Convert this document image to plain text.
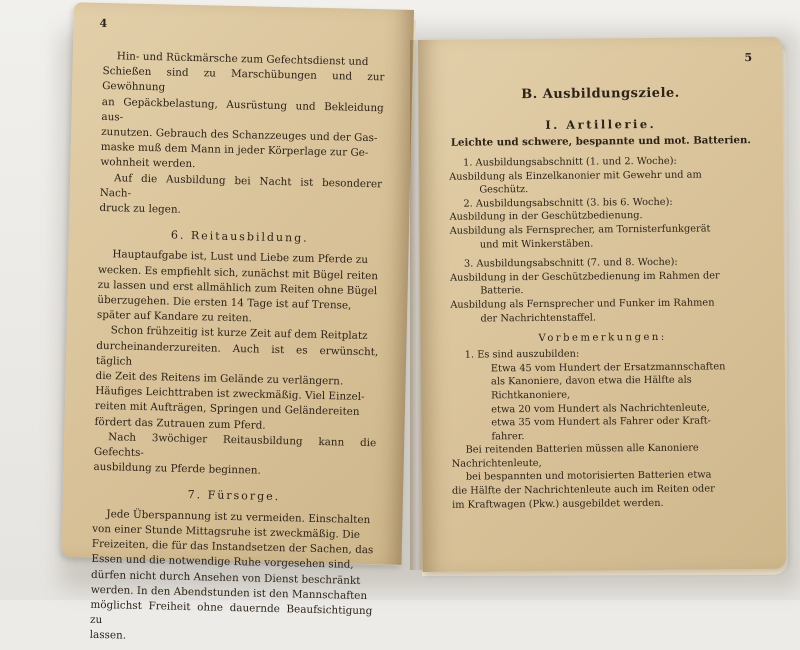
4
Hin- und Rückmärsche zum Gefechtsdienst und
Schießen sind zu Marschübungen und zur Gewöhnung
an Gepäckbelastung, Ausrüstung und Bekleidung aus-
zunutzen. Gebrauch des Schanzzeuges und der Gas-
maske muß dem Mann in jeder Körperlage zur Ge-
wohnheit werden.
Auf die Ausbildung bei Nacht ist besonderer Nach-
druck zu legen.
6. Reitausbildung.
Hauptaufgabe ist, Lust und Liebe zum Pferde zu
wecken. Es empfiehlt sich, zunächst mit Bügel reiten
zu lassen und erst allmählich zum Reiten ohne Bügel
überzugehen. Die ersten 14 Tage ist auf Trense,
später auf Kandare zu reiten.
Schon frühzeitig ist kurze Zeit auf dem Reitplatz
durcheinanderzureiten. Auch ist es erwünscht, täglich
die Zeit des Reitens im Gelände zu verlängern.
Häufiges Leichttraben ist zweckmäßig. Viel Einzel-
reiten mit Aufträgen, Springen und Geländereiten
fördert das Zutrauen zum Pferd.
Nach 3wöchiger Reitausbildung kann die Gefechts-
ausbildung zu Pferde beginnen.
7. Fürsorge.
Jede Überspannung ist zu vermeiden. Einschalten
von einer Stunde Mittagsruhe ist zweckmäßig. Die
Freizeiten, die für das Instandsetzen der Sachen, das
Essen und die notwendige Ruhe vorgesehen sind,
dürfen nicht durch Ansehen von Dienst beschränkt
werden. In den Abendstunden ist den Mannschaften
möglichst Freiheit ohne dauernde Beaufsichtigung zu
lassen.
5
B. Ausbildungsziele.
I. Artillerie.
Leichte und schwere, bespannte und mot. Batterien.
1. Ausbildungsabschnitt (1. und 2. Woche):
Ausbildung als Einzelkanonier mit Gewehr und am
Geschütz.
2. Ausbildungsabschnitt (3. bis 6. Woche):
Ausbildung in der Geschützbedienung.
Ausbildung als Fernsprecher, am Tornisterfunkgerät
und mit Winkerstäben.
3. Ausbildungsabschnitt (7. und 8. Woche):
Ausbildung in der Geschützbedienung im Rahmen der
Batterie.
Ausbildung als Fernsprecher und Funker im Rahmen
der Nachrichtenstaffel.
Vorbemerkungen:
1. Es sind auszubilden:
Etwa 45 vom Hundert der Ersatzmannschaften
als Kanoniere, davon etwa die Hälfte als
Richtkanoniere,
etwa 20 vom Hundert als Nachrichtenleute,
etwa 35 vom Hundert als Fahrer oder Kraft-
fahrer.
Bei reitenden Batterien müssen alle Kanoniere
Nachrichtenleute,
bei bespannten und motorisierten Batterien etwa
die Hälfte der Nachrichtenleute auch im Reiten oder
im Kraftwagen (Pkw.) ausgebildet werden.
